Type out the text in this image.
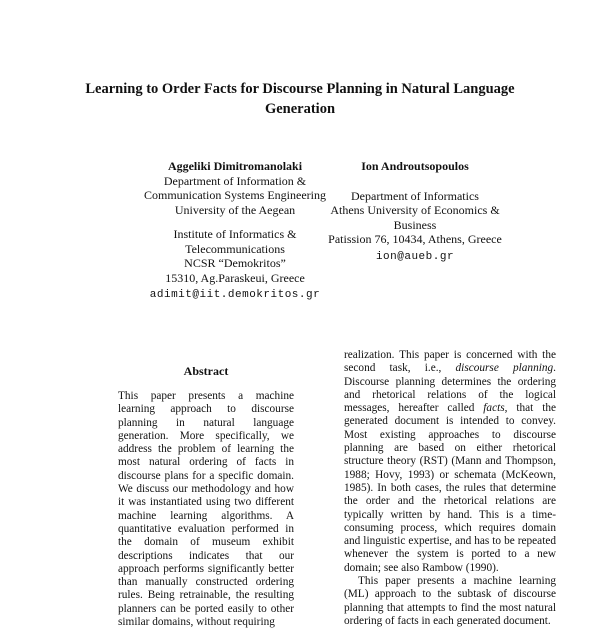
Learning to Order Facts for Discourse Planning in Natural Language Generation
Aggeliki Dimitromanolaki
Department of Information &
Communication Systems Engineering
University of the Aegean
Institute of Informatics &
Telecommunications
NCSR “Demokritos”
15310, Ag.Paraskeui, Greece
adimit@iit.demokritos.gr
Ion Androutsopoulos
Department of Informatics
Athens University of Economics &
Business
Patission 76, 10434, Athens, Greece
ion@aueb.gr
Abstract

This paper presents a machine learning approach to discourse planning in natural language generation. More specifically, we address the problem of learning the most natural ordering of facts in discourse plans for a specific domain. We discuss our methodology and how it was instantiated using two different machine learning algorithms. A quantitative evaluation performed in the domain of museum exhibit descriptions indicates that our approach performs significantly better than manually constructed ordering rules. Being retrainable, the resulting planners can be ported easily to other similar domains, without requiring

realization. This paper is concerned with the second task, i.e., discourse planning. Discourse planning determines the ordering and rhetorical relations of the logical messages, hereafter called facts, that the generated document is intended to convey. Most existing approaches to discourse planning are based on either rhetorical structure theory (RST) (Mann and Thompson, 1988; Hovy, 1993) or schemata (McKeown, 1985). In both cases, the rules that determine the order and the rhetorical relations are typically written by hand. This is a time-consuming process, which requires domain and linguistic expertise, and has to be repeated whenever the system is ported to a new domain; see also Rambow (1990).

This paper presents a machine learning (ML) approach to the subtask of discourse planning that attempts to find the most natural ordering of facts in each generated document.
